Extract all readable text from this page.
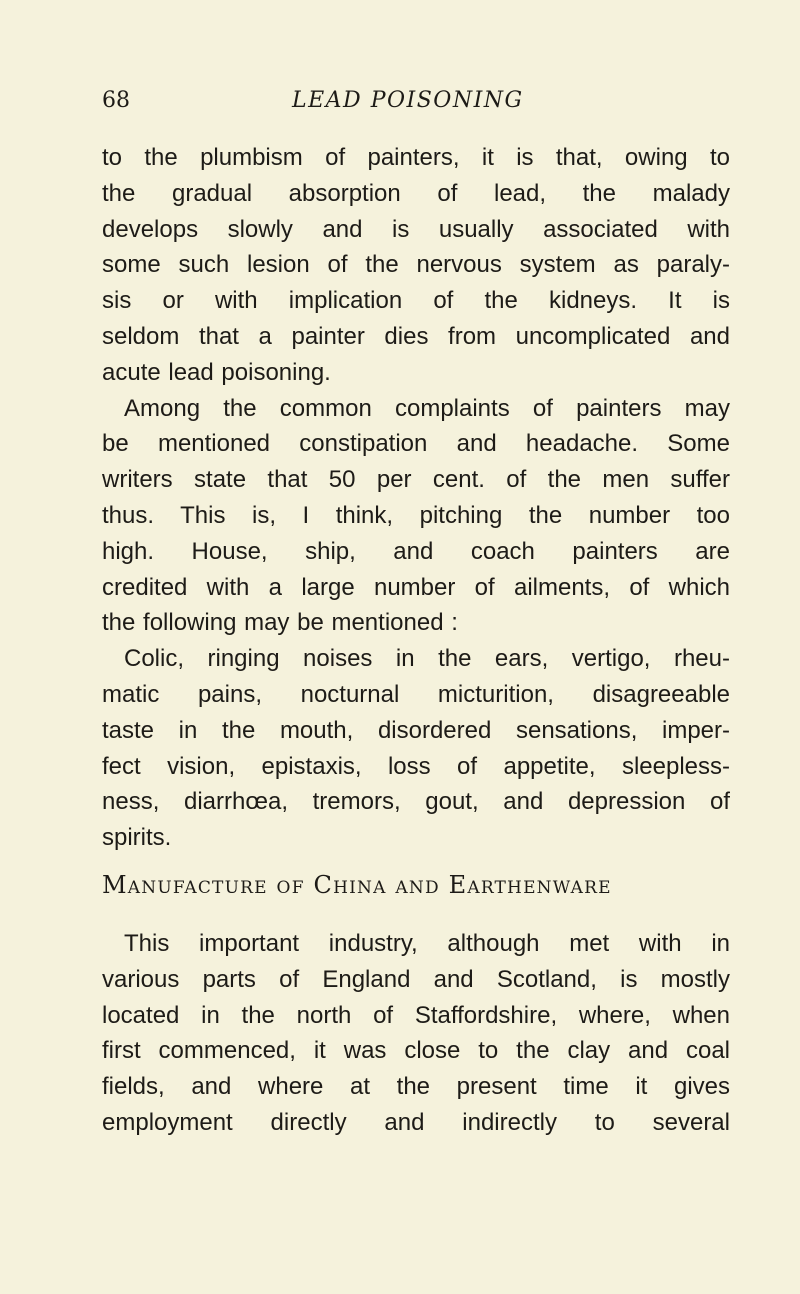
68	LEAD POISONING
to the plumbism of painters, it is that, owing to
the gradual absorption of lead, the malady
develops slowly and is usually associated with
some such lesion of the nervous system as paraly-
sis or with implication of the kidneys. It is
seldom that a painter dies from uncomplicated and
acute lead poisoning.
Among the common complaints of painters may
be mentioned constipation and headache. Some
writers state that 50 per cent. of the men suffer
thus. This is, I think, pitching the number too
high. House, ship, and coach painters are
credited with a large number of ailments, of which
the following may be mentioned :
Colic, ringing noises in the ears, vertigo, rheu-
matic pains, nocturnal micturition, disagreeable
taste in the mouth, disordered sensations, imper-
fect vision, epistaxis, loss of appetite, sleepless-
ness, diarrhœa, tremors, gout, and depression of
spirits.
Manufacture of China and Earthenware
This important industry, although met with in
various parts of England and Scotland, is mostly
located in the north of Staffordshire, where, when
first commenced, it was close to the clay and coal
fields, and where at the present time it gives
employment directly and indirectly to several
